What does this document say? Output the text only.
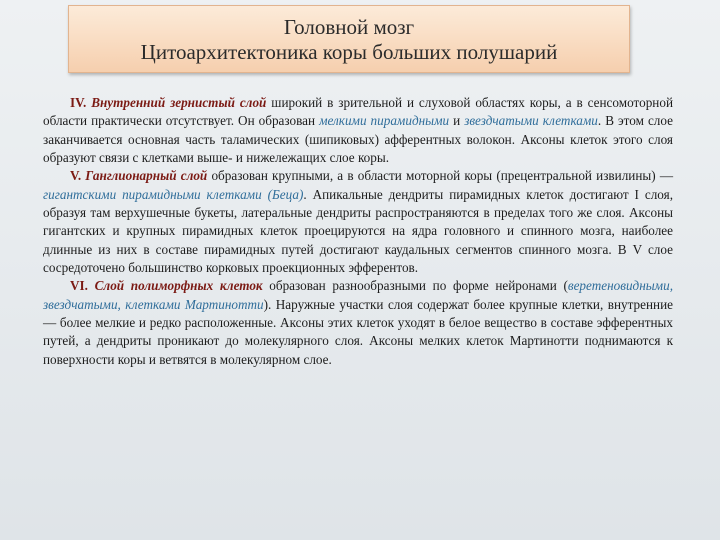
Головной мозг
Цитоархитектоника коры больших полушарий

IV. Внутренний зернистый слой широкий в зрительной и слуховой областях коры, а в сенсомоторной области практически отсутствует. Он образован мелкими пирамидными и звездчатыми клетками. В этом слое заканчивается основная часть таламических (шипиковых) афферентных волокон. Аксоны клеток этого слоя образуют связи с клетками выше- и нижележащих слое коры.

V. Ганглионарный слой образован крупными, а в области моторной коры (прецентральной извилины) — гигантскими пирамидными клетками (Беца). Апикальные дендриты пирамидных клеток достигают I слоя, образуя там верхушечные букеты, латеральные дендриты распространяются в пределах того же слоя. Аксоны гигантских и крупных пирамидных клеток проецируются на ядра головного и спинного мозга, наиболее длинные из них в составе пирамидных путей достигают каудальных сегментов спинного мозга. В V слое сосредоточено большинство корковых проекционных эфферентов.

VI. Слой полиморфных клеток образован разнообразными по форме нейронами (веретеновидными, звездчатыми, клетками Мартинотти). Наружные участки слоя содержат более крупные клетки, внутренние — более мелкие и редко расположенные. Аксоны этих клеток уходят в белое вещество в составе эфферентных путей, а дендриты проникают до молекулярного слоя. Аксоны мелких клеток Мартинотти поднимаются к поверхности коры и ветвятся в молекулярном слое.
